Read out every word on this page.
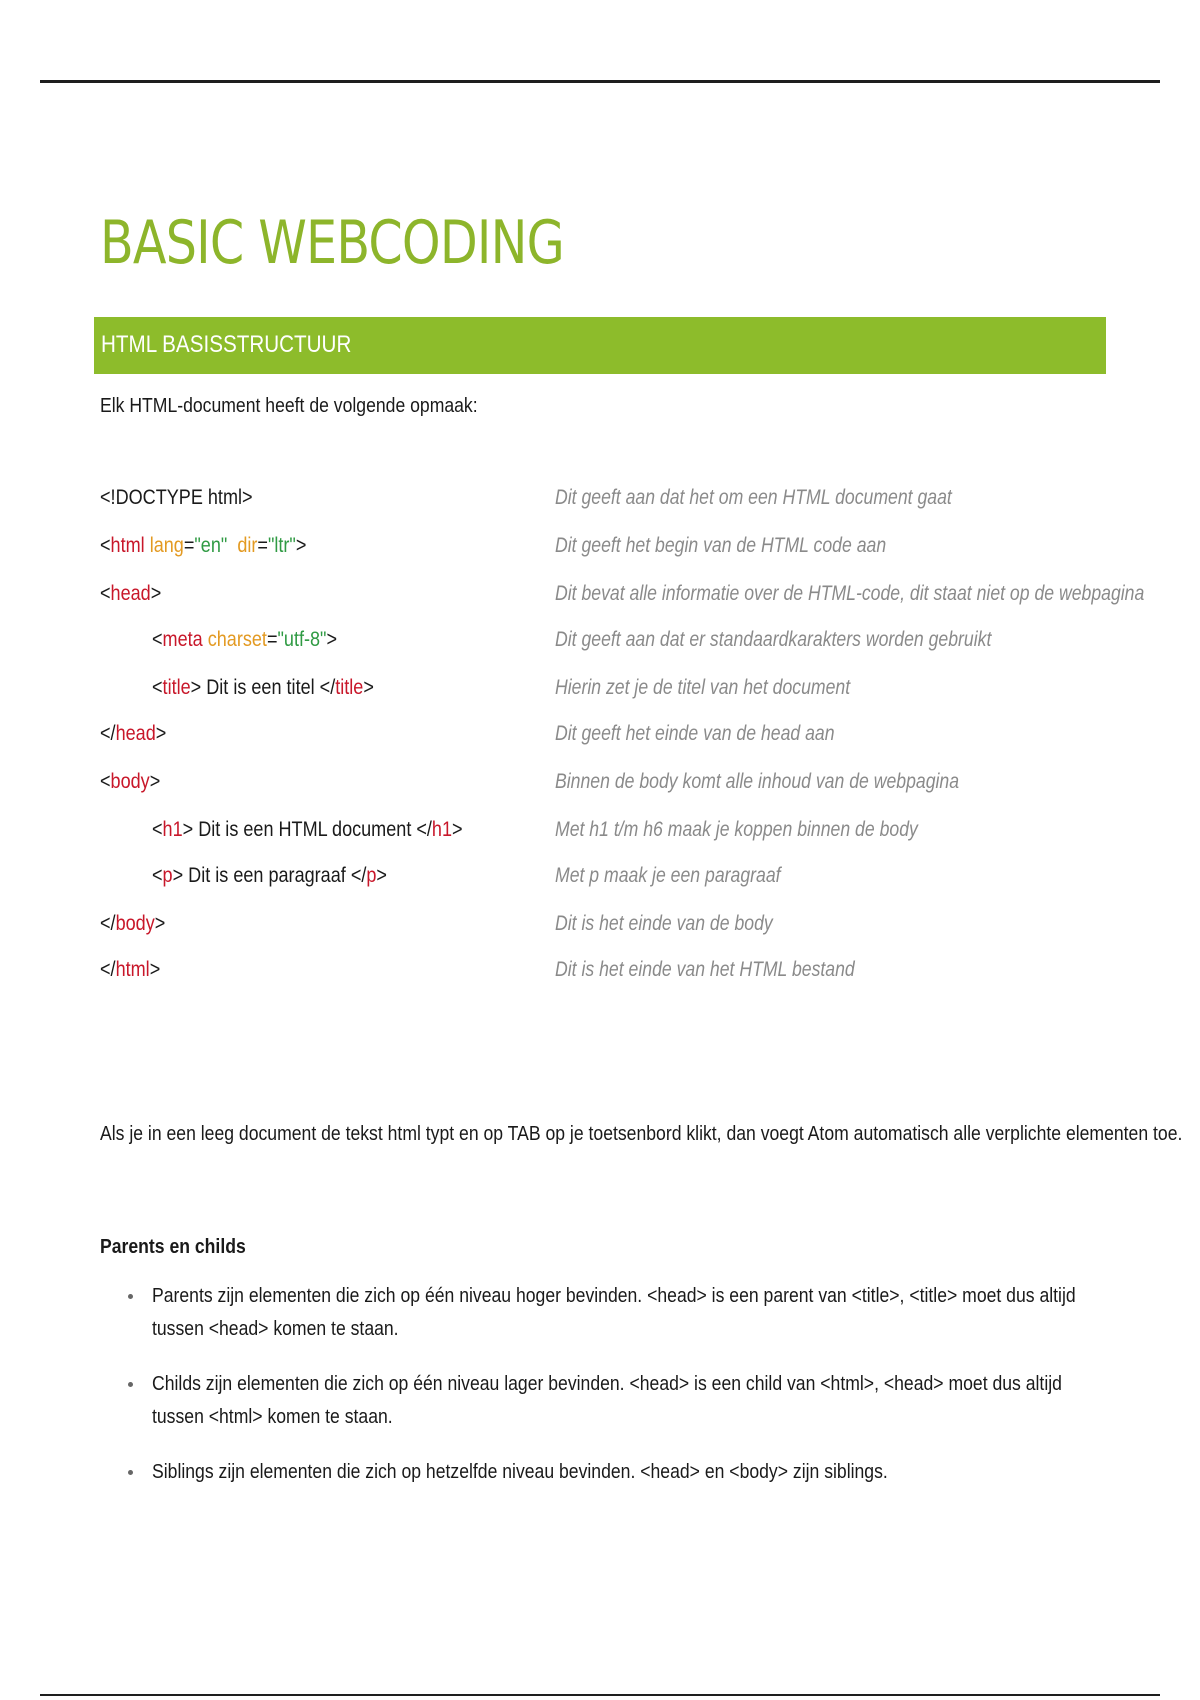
BASIC WEBCODING
HTML BASISSTRUCTUUR
Elk HTML-document heeft de volgende opmaak:
<!DOCTYPE html>	Dit geeft aan dat het om een HTML document gaat
<html lang="en" dir="ltr">	Dit geeft het begin van de HTML code aan
<head>	Dit bevat alle informatie over de HTML-code, dit staat niet op de webpagina
<meta charset="utf-8">	Dit geeft aan dat er standaardkarakters worden gebruikt
<title> Dit is een titel </title>	Hierin zet je de titel van het document
</head>	Dit geeft het einde van de head aan
<body>	Binnen de body komt alle inhoud van de webpagina
<h1> Dit is een HTML document </h1>	Met h1 t/m h6 maak je koppen binnen de body
<p> Dit is een paragraaf </p>	Met p maak je een paragraaf
</body>	Dit is het einde van de body
</html>	Dit is het einde van het HTML bestand
Als je in een leeg document de tekst html typt en op TAB op je toetsenbord klikt, dan voegt Atom automatisch alle verplichte elementen toe.
Parents en childs
Parents zijn elementen die zich op één niveau hoger bevinden. <head> is een parent van <title>, <title> moet dus altijd tussen <head> komen te staan.
Childs zijn elementen die zich op één niveau lager bevinden. <head> is een child van <html>, <head> moet dus altijd tussen <html> komen te staan.
Siblings zijn elementen die zich op hetzelfde niveau bevinden. <head> en <body> zijn siblings.
